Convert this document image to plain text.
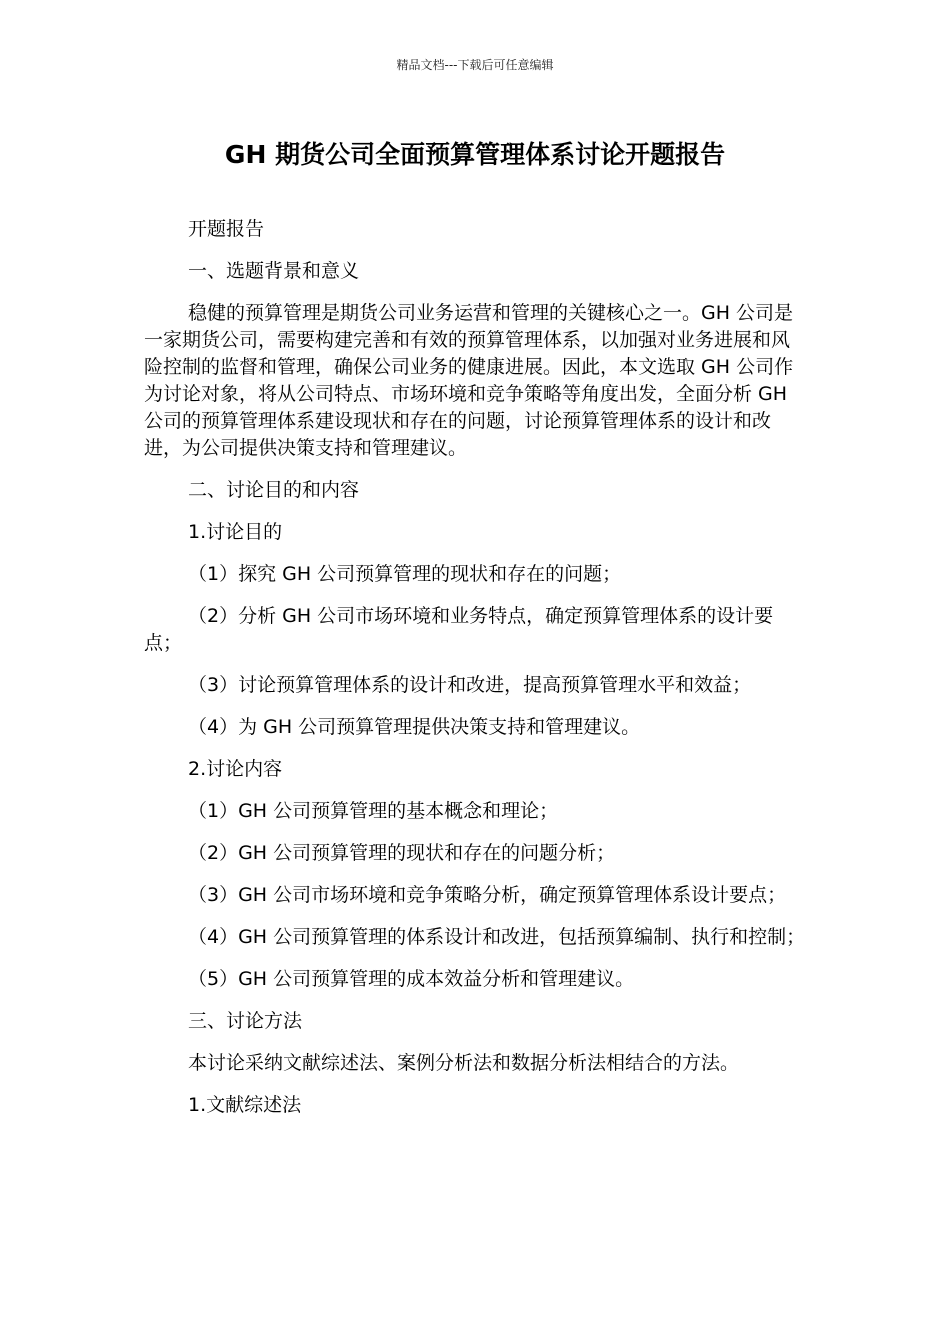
精品文档---下载后可任意编辑
GH 期货公司全面预算管理体系讨论开题报告

开题报告

一、选题背景和意义

稳健的预算管理是期货公司业务运营和管理的关键核心之一。GH 公司是一家期货公司，需要构建完善和有效的预算管理体系，以加强对业务进展和风险控制的监督和管理，确保公司业务的健康进展。因此，本文选取 GH 公司作为讨论对象，将从公司特点、市场环境和竞争策略等角度出发，全面分析 GH 公司的预算管理体系建设现状和存在的问题，讨论预算管理体系的设计和改进，为公司提供决策支持和管理建议。

二、讨论目的和内容

1.讨论目的

（1）探究 GH 公司预算管理的现状和存在的问题；

（2）分析 GH 公司市场环境和业务特点，确定预算管理体系的设计要点；

（3）讨论预算管理体系的设计和改进，提高预算管理水平和效益；

（4）为 GH 公司预算管理提供决策支持和管理建议。

2.讨论内容

（1）GH 公司预算管理的基本概念和理论；

（2）GH 公司预算管理的现状和存在的问题分析；

（3）GH 公司市场环境和竞争策略分析，确定预算管理体系设计要点；

（4）GH 公司预算管理的体系设计和改进，包括预算编制、执行和控制；

（5）GH 公司预算管理的成本效益分析和管理建议。

三、讨论方法

本讨论采纳文献综述法、案例分析法和数据分析法相结合的方法。

1.文献综述法
